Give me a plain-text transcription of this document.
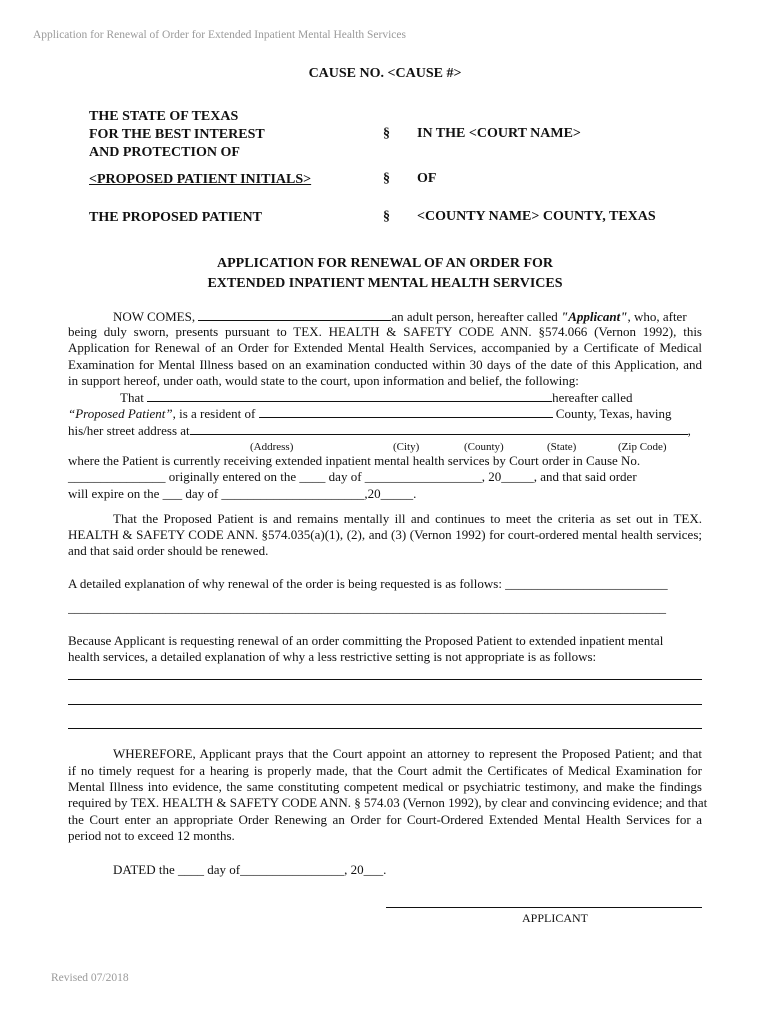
Application for Renewal of Order for Extended Inpatient Mental Health Services
Revised 07/2018
CAUSE NO. <CAUSE #>
THE STATE OF TEXAS
FOR THE BEST INTEREST
AND PROTECTION OF
§ IN THE <COURT NAME>
<PROPOSED PATIENT INITIALS>	§ OF
THE PROPOSED PATIENT	§ <COUNTY NAME> COUNTY, TEXAS
APPLICATION FOR RENEWAL OF AN ORDER FOR
EXTENDED INPATIENT MENTAL HEALTH SERVICES
NOW COMES,	an adult person, hereafter called "Applicant", who, after
being duly sworn, presents pursuant to TEX. HEALTH & SAFETY CODE ANN. §574.066 (Vernon 1992), this
Application for Renewal of an Order for Extended Mental Health Services, accompanied by a Certificate of Medical
Examination for Mental Illness based on an examination conducted within 30 days of the date of this Application, and
in support hereof, under oath, would state to the court, upon information and belief, the following:
That	hereafter called
“Proposed Patient”, is a resident of	County, Texas, having
his/her street address at	,
(Address)	(City)	(County)	(State)	(Zip Code)
where the Patient is currently receiving extended inpatient mental health services by Court order in Cause No.
_______________ originally entered on the ____ day of __________________, 20_____, and that said order
will expire on the ___ day of ______________________,20_____.
That the Proposed Patient is and remains mentally ill and continues to meet the criteria as set out in TEX.
HEALTH & SAFETY CODE ANN. §574.035(a)(1), (2), and (3) (Vernon 1992) for court-ordered mental health services;
and that said order should be renewed.
A detailed explanation of why renewal of the order is being requested is as follows: _________________________
____________________________________________________________________________________________
Because Applicant is requesting renewal of an order committing the Proposed Patient to extended inpatient mental
health services, a detailed explanation of why a less restrictive setting is not appropriate is as follows:
WHEREFORE, Applicant prays that the Court appoint an attorney to represent the Proposed Patient; and that
if no timely request for a hearing is properly made, that the Court admit the Certificates of Medical Examination for
Mental Illness into evidence, the same constituting competent medical or psychiatric testimony, and make the findings
required by TEX. HEALTH & SAFETY CODE ANN. § 574.03 (Vernon 1992), by clear and convincing evidence; and that
the Court enter an appropriate Order Renewing an Order for Court-Ordered Extended Mental Health Services for a
period not to exceed 12 months.
DATED the ____ day of________________, 20___.
APPLICANT
